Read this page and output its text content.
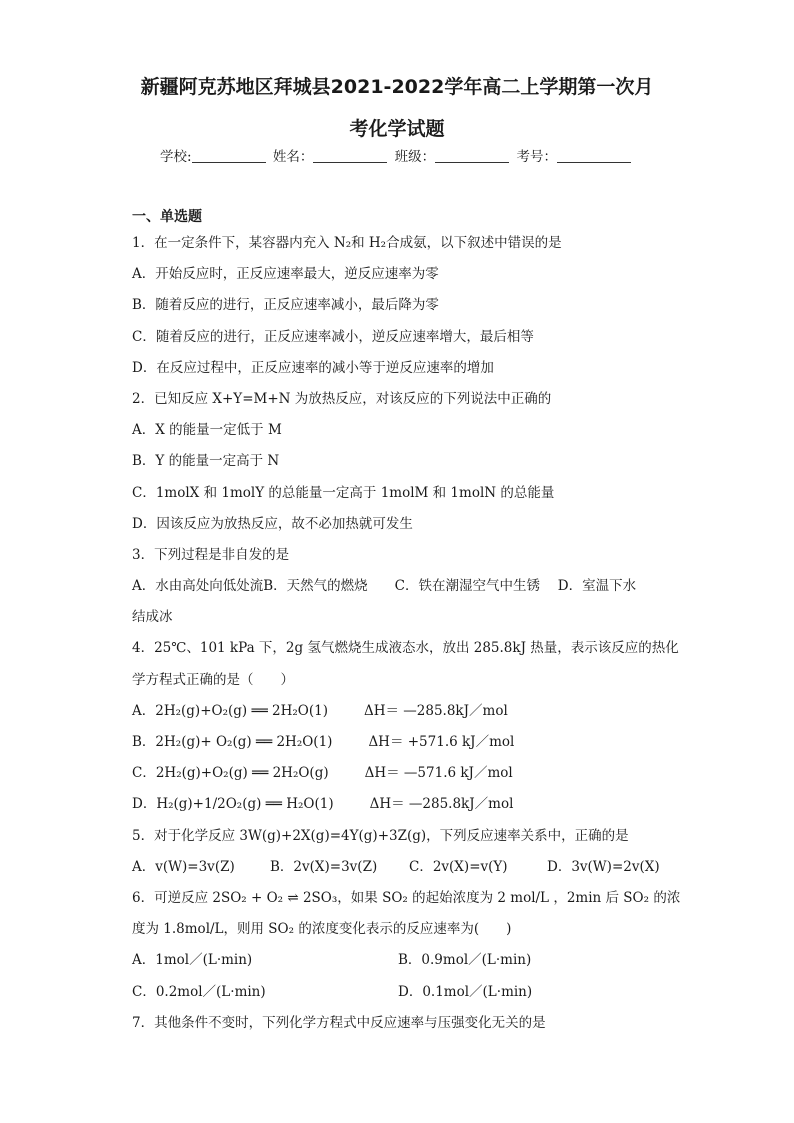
新疆阿克苏地区拜城县2021-2022学年高二上学期第一次月
考化学试题
学校:	姓名：	班级：	考号：
一、单选题
1．在一定条件下，某容器内充入 N₂和 H₂合成氨，以下叙述中错误的是
A．开始反应时，正反应速率最大，逆反应速率为零
B．随着反应的进行，正反应速率减小，最后降为零
C．随着反应的进行，正反应速率减小，逆反应速率增大，最后相等
D．在反应过程中，正反应速率的减小等于逆反应速率的增加
2．已知反应 X+Y=M+N 为放热反应，对该反应的下列说法中正确的
A．X 的能量一定低于 M
B．Y 的能量一定高于 N
C．1molX 和 1molY 的总能量一定高于 1molM 和 1molN 的总能量
D．因该反应为放热反应，故不必加热就可发生
3．下列过程是非自发的是
A．水由高处向低处流B．天然气的燃烧　　C．铁在潮湿空气中生锈　 D．室温下水
结成冰
4．25℃、101 kPa 下，2g 氢气燃烧生成液态水，放出 285.8kJ 热量，表示该反应的热化
学方程式正确的是（　　）
A．2H₂(g)+O₂(g) ══ 2H₂O(1)	ΔH＝ —285.8kJ／mol
B．2H₂(g)+ O₂(g) ══ 2H₂O(1)	ΔH＝ +571.6 kJ／mol
C．2H₂(g)+O₂(g) ══ 2H₂O(g)	ΔH＝ —571.6 kJ／mol
D．H₂(g)+1/2O₂(g) ══ H₂O(1)	ΔH＝ —285.8kJ／mol
5．对于化学反应 3W(g)+2X(g)=4Y(g)+3Z(g)，下列反应速率关系中，正确的是
A．v(W)=3v(Z)	B．2v(X)=3v(Z)	C．2v(X)=v(Y)	D．3v(W)=2v(X)
6．可逆反应 2SO₂ + O₂ ⇌ 2SO₃，如果 SO₂ 的起始浓度为 2 mol/L ，2min 后 SO₂ 的浓
度为 1.8mol/L，则用 SO₂ 的浓度变化表示的反应速率为(　　)
A．1mol／(L·min)	B．0.9mol／(L·min)
C．0.2mol／(L·min)	D．0.1mol／(L·min)
7．其他条件不变时，下列化学方程式中反应速率与压强变化无关的是
